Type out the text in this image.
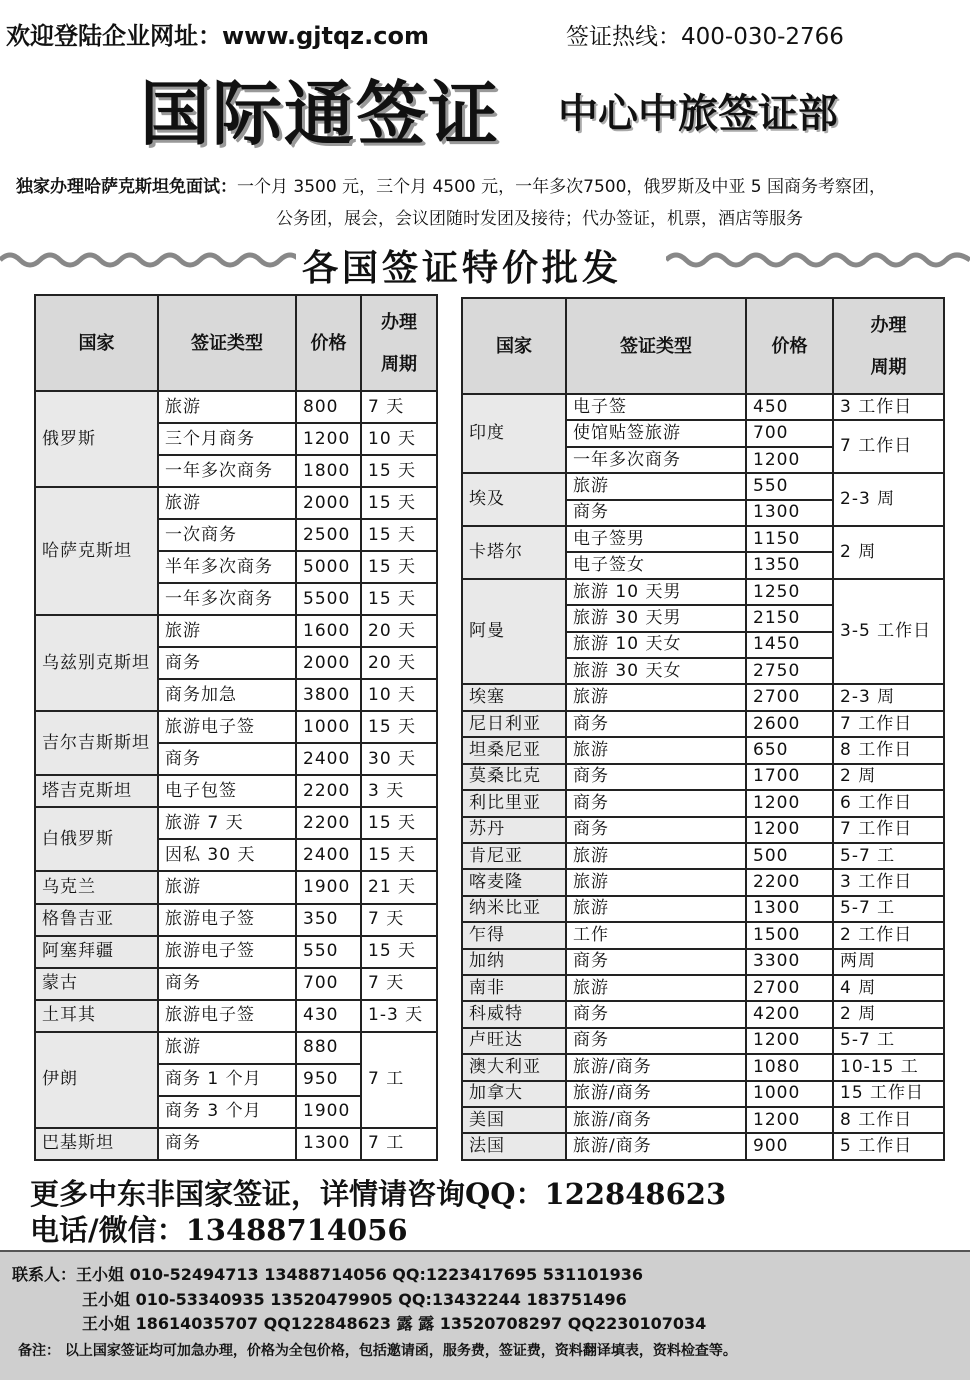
欢迎登陆企业网址：www.gjtqz.com	签证热线：400-030-2766
国际通签证 中心中旅签证部
独家办理哈萨克斯坦免面试：一个月 3500 元，三个月 4500 元，一年多次7500，俄罗斯及中亚 5 国商务考察团，
公务团，展会，会议团随时发团及接待；代办签证，机票，酒店等服务
各国签证特价批发
国家	签证类型	价格	办理

周期
俄罗斯	旅游	800	7 天
	三个月商务	1200	10 天
	一年多次商务	1800	15 天
哈萨克斯坦	旅游	2000	15 天
	一次商务	2500	15 天
	半年多次商务	5000	15 天
	一年多次商务	5500	15 天
乌兹别克斯坦	旅游	1600	20 天
	商务	2000	20 天
	商务加急	3800	10 天
吉尔吉斯斯坦	旅游电子签	1000	15 天
	商务	2400	30 天
塔吉克斯坦	电子包签	2200	3 天
白俄罗斯	旅游 7 天	2200	15 天
	因私 30 天	2400	15 天
乌克兰	旅游	1900	21 天
格鲁吉亚	旅游电子签	350	7 天
阿塞拜疆	旅游电子签	550	15 天
蒙古	商务	700	7 天
土耳其	旅游电子签	430	1-3 天
伊朗	旅游	880	7 工
	商务 1 个月	950	
	商务 3 个月	1900	
巴基斯坦	商务	1300	7 工
国家	签证类型	价格	办理

周期
印度	电子签	450	3 工作日
	使馆贴签旅游	700	7 工作日
	一年多次商务	1200	
埃及	旅游	550	2-3 周
	商务	1300	
卡塔尔	电子签男	1150	2 周
	电子签女	1350	
阿曼	旅游 10 天男	1250	3-5 工作日
	旅游 30 天男	2150	
	旅游 10 天女	1450	
	旅游 30 天女	2750	
埃塞	旅游	2700	2-3 周
尼日利亚	商务	2600	7 工作日
坦桑尼亚	旅游	650	8 工作日
莫桑比克	商务	1700	2 周
利比里亚	商务	1200	6 工作日
苏丹	商务	1200	7 工作日
肯尼亚	旅游	500	5-7 工
喀麦隆	旅游	2200	3 工作日
纳米比亚	旅游	1300	5-7 工
乍得	工作	1500	2 工作日
加纳	商务	3300	两周
南非	旅游	2700	4 周
科威特	商务	4200	2 周
卢旺达	商务	1200	5-7 工
澳大利亚	旅游/商务	1080	10-15 工
加拿大	旅游/商务	1000	15 工作日
美国	旅游/商务	1200	8 工作日
法国	旅游/商务	900	5 工作日
更多中东非国家签证，详情请咨询QQ：122848623
电话/微信：13488714056
联系人：王小姐 010-52494713 13488714056 QQ:1223417695 531101936
王小姐 010-53340935 13520479905 QQ:13432244 183751496
王小姐 18614035707 QQ122848623 露 露 13520708297 QQ2230107034
备注： 以上国家签证均可加急办理，价格为全包价格，包括邀请函，服务费，签证费，资料翻译填表，资料检查等。
